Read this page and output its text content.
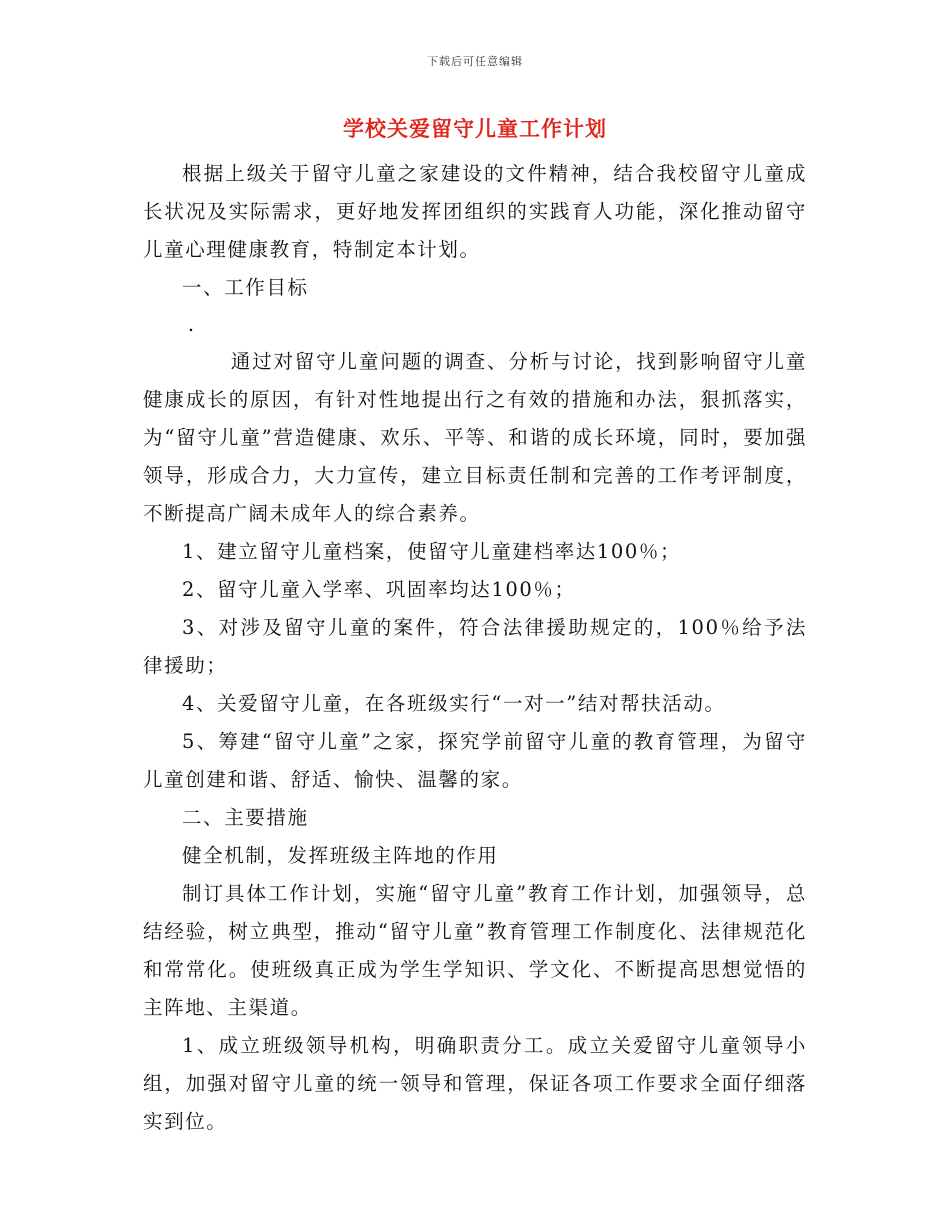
下载后可任意编辑
学校关爱留守儿童工作计划

根据上级关于留守儿童之家建设的文件精神，结合我校留守儿童成长状况及实际需求，更好地发挥团组织的实践育人功能，深化推动留守儿童心理健康教育，特制定本计划。

一、工作目标

.

通过对留守儿童问题的调查、分析与讨论，找到影响留守儿童健康成长的原因，有针对性地提出行之有效的措施和办法，狠抓落实，为“留守儿童”营造健康、欢乐、平等、和谐的成长环境，同时，要加强领导，形成合力，大力宣传，建立目标责任制和完善的工作考评制度，不断提高广阔未成年人的综合素养。

1、建立留守儿童档案，使留守儿童建档率达100％；

2、留守儿童入学率、巩固率均达100％；

3、对涉及留守儿童的案件，符合法律援助规定的，100％给予法律援助；

4、关爱留守儿童，在各班级实行“一对一”结对帮扶活动。

5、筹建“留守儿童”之家，探究学前留守儿童的教育管理，为留守儿童创建和谐、舒适、愉快、温馨的家。

二、主要措施

健全机制，发挥班级主阵地的作用

制订具体工作计划，实施“留守儿童”教育工作计划，加强领导，总结经验，树立典型，推动“留守儿童”教育管理工作制度化、法律规范化和常常化。使班级真正成为学生学知识、学文化、不断提高思想觉悟的主阵地、主渠道。

1、成立班级领导机构，明确职责分工。成立关爱留守儿童领导小组，加强对留守儿童的统一领导和管理，保证各项工作要求全面仔细落实到位。
